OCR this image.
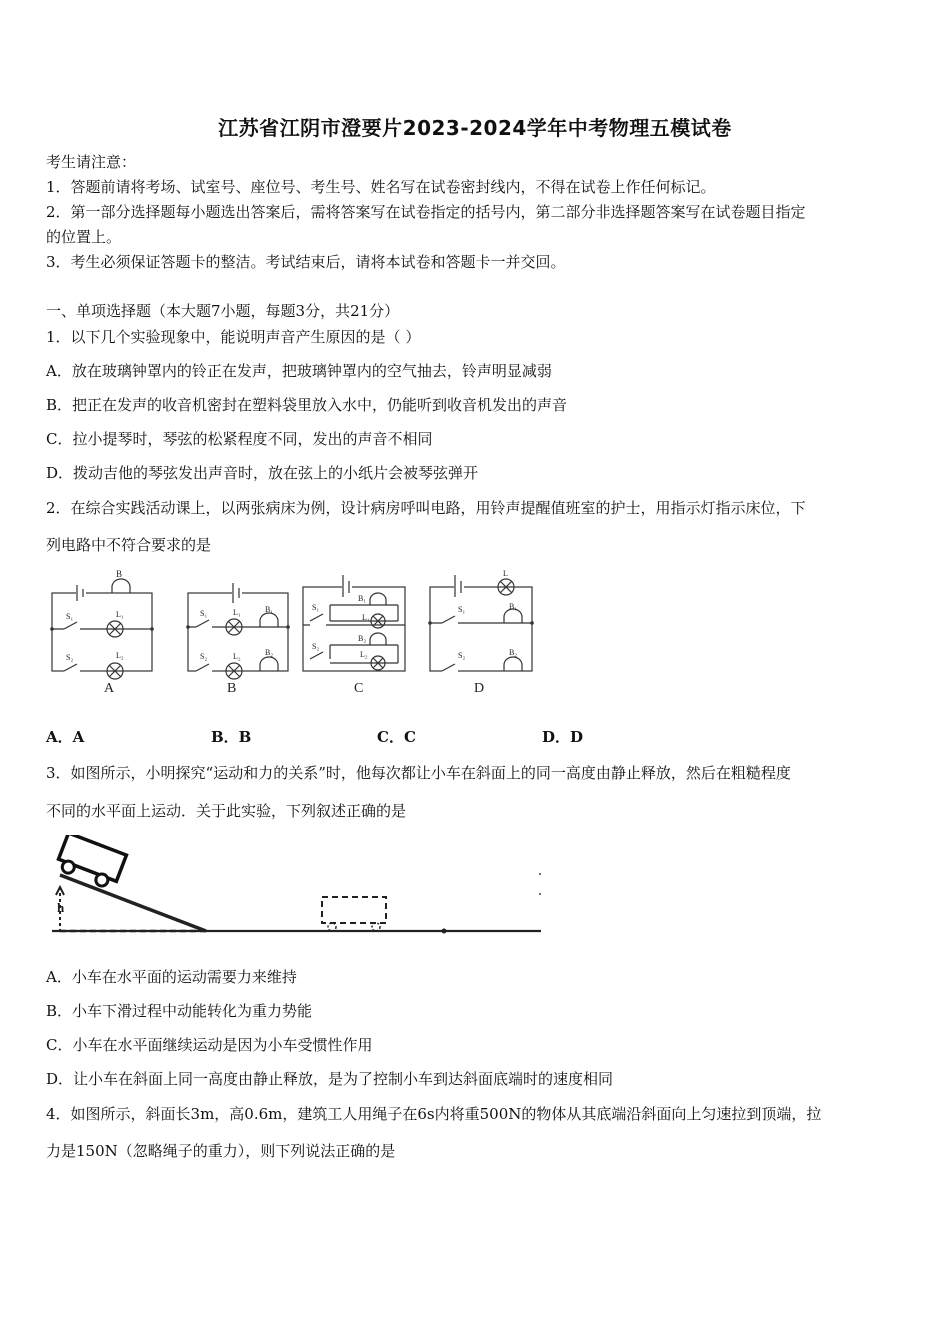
江苏省江阴市澄要片2023-2024学年中考物理五模试卷
考生请注意：
1．答题前请将考场、试室号、座位号、考生号、姓名写在试卷密封线内，不得在试卷上作任何标记。
2．第一部分选择题每小题选出答案后，需将答案写在试卷指定的括号内，第二部分非选择题答案写在试卷题目指定
的位置上。
3．考生必须保证答题卡的整洁。考试结束后，请将本试卷和答题卡一并交回。
一、单项选择题（本大题7小题，每题3分，共21分）
1．以下几个实验现象中，能说明声音产生原因的是（ ）
A．放在玻璃钟罩内的铃正在发声，把玻璃钟罩内的空气抽去，铃声明显减弱
B．把正在发声的收音机密封在塑料袋里放入水中，仍能听到收音机发出的声音
C．拉小提琴时，琴弦的松紧程度不同，发出的声音不相同
D．拨动吉他的琴弦发出声音时，放在弦上的小纸片会被琴弦弹开
2．在综合实践活动课上，以两张病床为例，设计病房呼叫电路，用铃声提醒值班室的护士，用指示灯指示床位，下
列电路中不符合要求的是
B
S₁	L₁
S₂	L₂
A
S₁	L₁	B₁
S₂	L₂	B₂
B
S₁
B₁
L₁
S₂
B₂
L₂
C
L
S₁	B₁
S₂	B₂
D
A．A	B．B	C．C	D．D
3．如图所示，小明探究“运动和力的关系”时，他每次都让小车在斜面上的同一高度由静止释放，然后在粗糙程度
不同的水平面上运动．关于此实验，下列叙述正确的是
h
A．小车在水平面的运动需要力来维持
B．小车下滑过程中动能转化为重力势能
C．小车在水平面继续运动是因为小车受惯性作用
D．让小车在斜面上同一高度由静止释放，是为了控制小车到达斜面底端时的速度相同
4．如图所示，斜面长3m，高0.6m，建筑工人用绳子在6s内将重500N的物体从其底端沿斜面向上匀速拉到顶端，拉
力是150N（忽略绳子的重力），则下列说法正确的是
